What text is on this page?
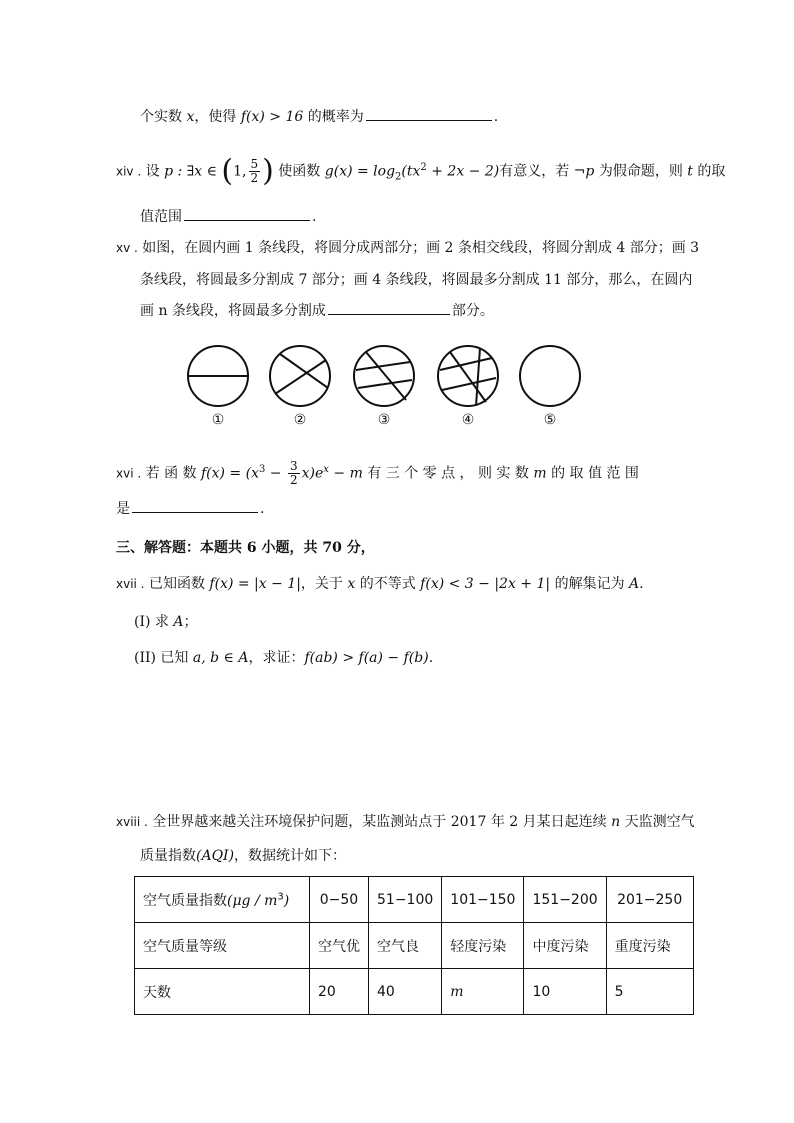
个实数 x，使得 f(x) > 16 的概率为	.
xiv . 设 p : ∃x ∈ (1, $\frac{5}{2}$ ) 使函数 $g(x) = \log_2(tx^2 + 2x - 2)$有意义，若 ¬p 为假命题，则 t 的取
值范围	.
xv . 如图，在圆内画 1 条线段，将圆分成两部分；画 2 条相交线段，将圆分割成 4 部分；画 3
条线段，将圆最多分割成 7 部分；画 4 条线段，将圆最多分割成 11 部分，那么，在圆内
画 n 条线段，将圆最多分割成	部分。
①	②	③	④	⑤
xvi . 若 函 数 $f(x) = (x^3 - \frac{3}{2} x)e^x - m$ 有 三 个 零 点 ， 则 实 数 m 的 取 值 范 围
是	.
三、解答题：本题共 6 小题，共 70 分，
xvii . 已知函数 f(x) = |x − 1|，关于 x 的不等式 f(x) < 3 − |2x + 1| 的解集记为 A.
(I) 求 A；
(II) 已知 a, b ∈ A，求证：f(ab) > f(a) − f(b).
xviii . 全世界越来越关注环境保护问题，某监测站点于 2017 年 2 月某日起连续 n 天监测空气
质量指数(AQI)，数据统计如下：
空气质量指数$(\mu g / m^3)$	0−50	51−100	101−150	151−200	201−250
空气质量等级	空气优	空气良	轻度污染	中度污染	重度污染
天数	20	40	m	10	5
